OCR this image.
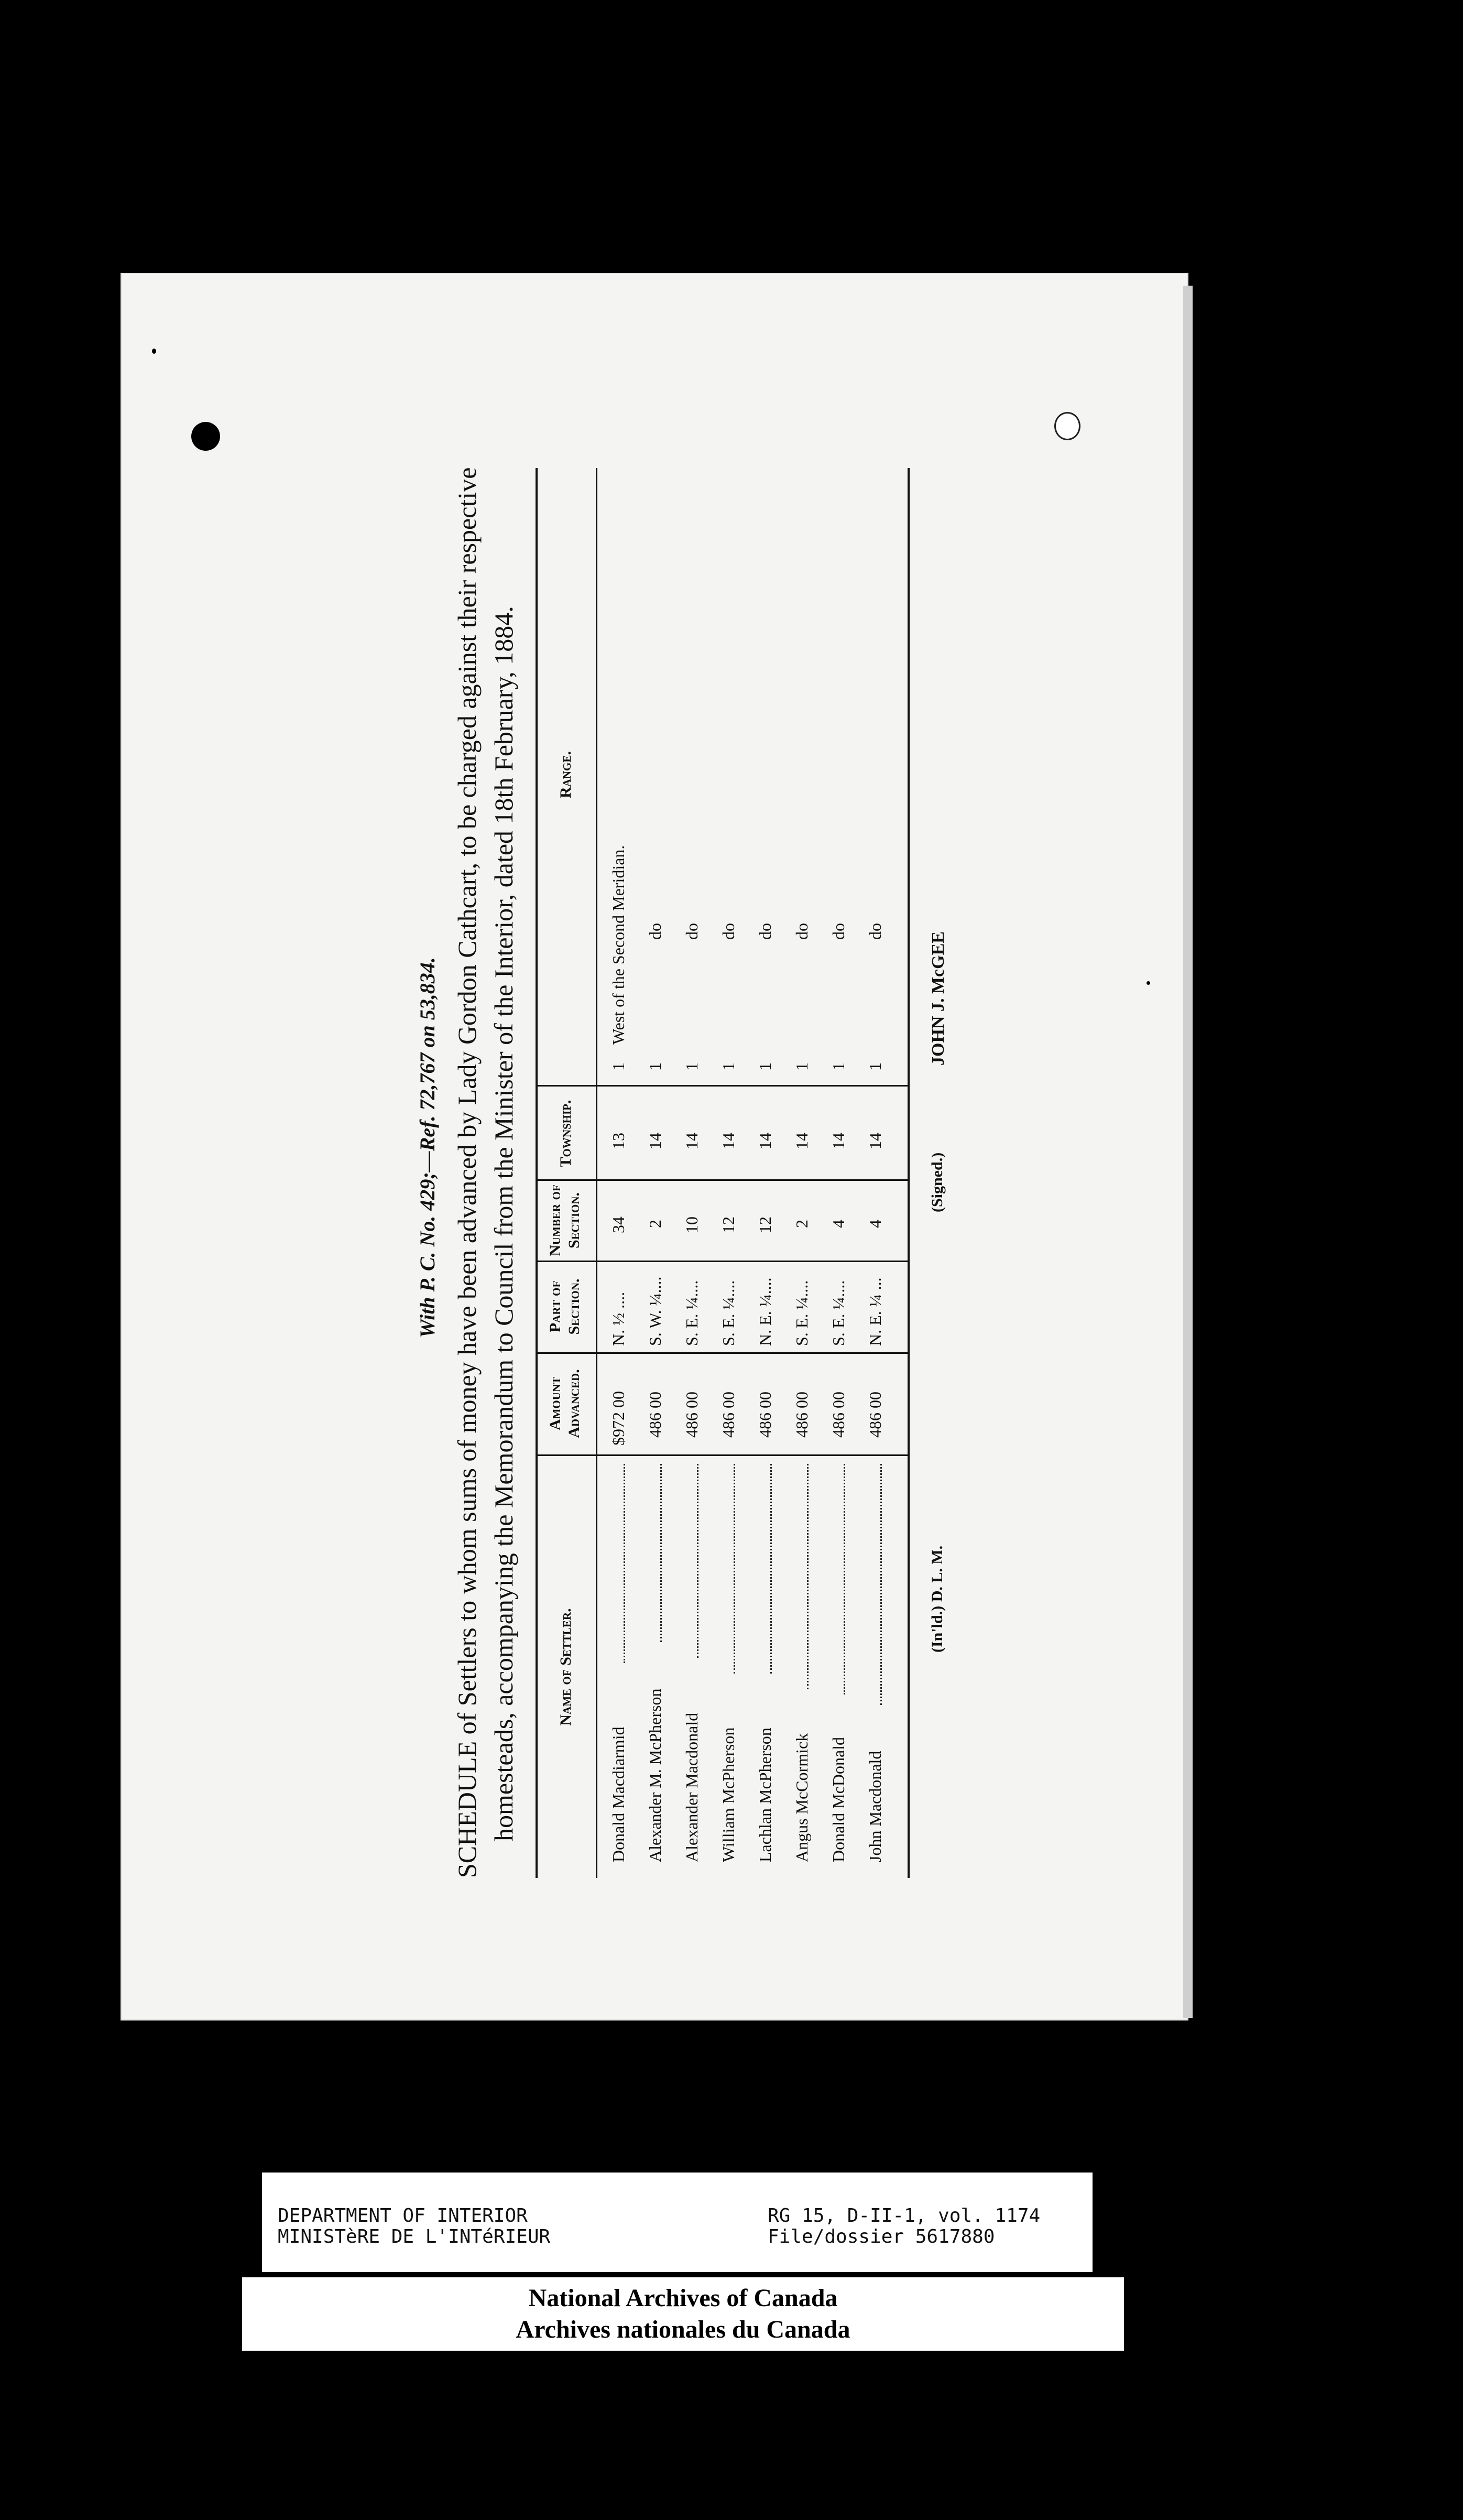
With P. C. No. 429;—Ref. 72,767 on 53,834. SCHEDULE of Settlers to whom sums of money have been advanced by Lady Gordon Cathcart, to be charged against their respective homesteads, accompanying the Memorandum to Council from the Minister of the Interior, dated 18th February, 1884. Name of Settler.
Amount Advanced.
Part of Section.
Number of Section.
Township.
Range.
Donald Macdiarmid
$972 00
N. ½ ....
34
13
1
West of the Second Meridian.
Alexander M. McPherson
486 00
S. W. ¼....
2
14
1
do
Alexander Macdonald
486 00
S. E. ¼....
10
14
1
do
William McPherson
486 00
S. E. ¼....
12
14
1
do
Lachlan McPherson
486 00
N. E. ¼....
12
14
1
do
Angus McCormick
486 00
S. E. ¼....
2
14
1
do
Donald McDonald
486 00
S. E. ¼....
4
14
1
do
John Macdonald
486 00
N. E. ¼ ...
4
14
1
do
(In'ld.) D. L. M.
(Signed.)
JOHN J. McGEE
DEPARTMENT OF INTERIOR
MINISTèRE DE L'INTéRIEUR
RG 15, D-II-1, vol. 1174
File/dossier 5617880
National Archives of Canada
Archives nationales du Canada
